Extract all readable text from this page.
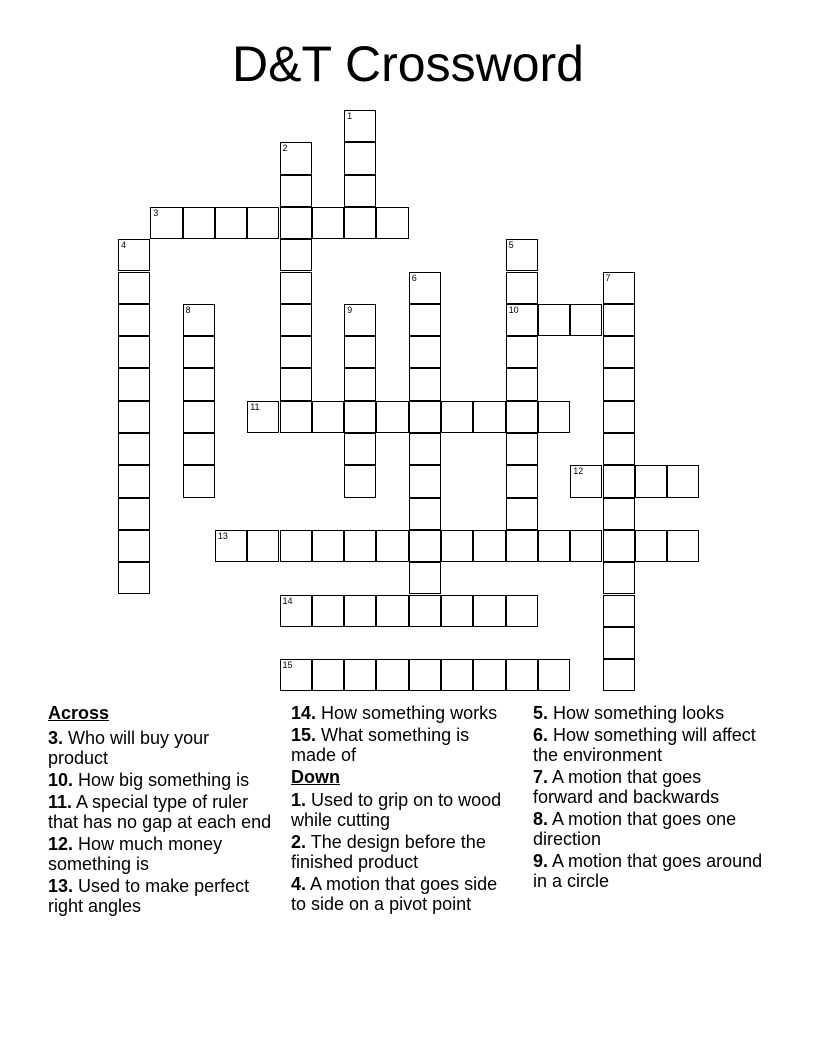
D&T Crossword
1
2
3
4	5
10
6	7
8	9
11
12
13
14
15
Across
3. Who will buy your product
10. How big something is
11. A special type of ruler that has no gap at each end
12. How much money something is
13. Used to make perfect right angles
14. How something works
15. What something is made of
Down
1. Used to grip on to wood while cutting
2. The design before the finished product
4. A motion that goes side to side on a pivot point
5. How something looks
6. How something will affect the environment
7. A motion that goes forward and backwards
8. A motion that goes one direction
9. A motion that goes around in a circle
